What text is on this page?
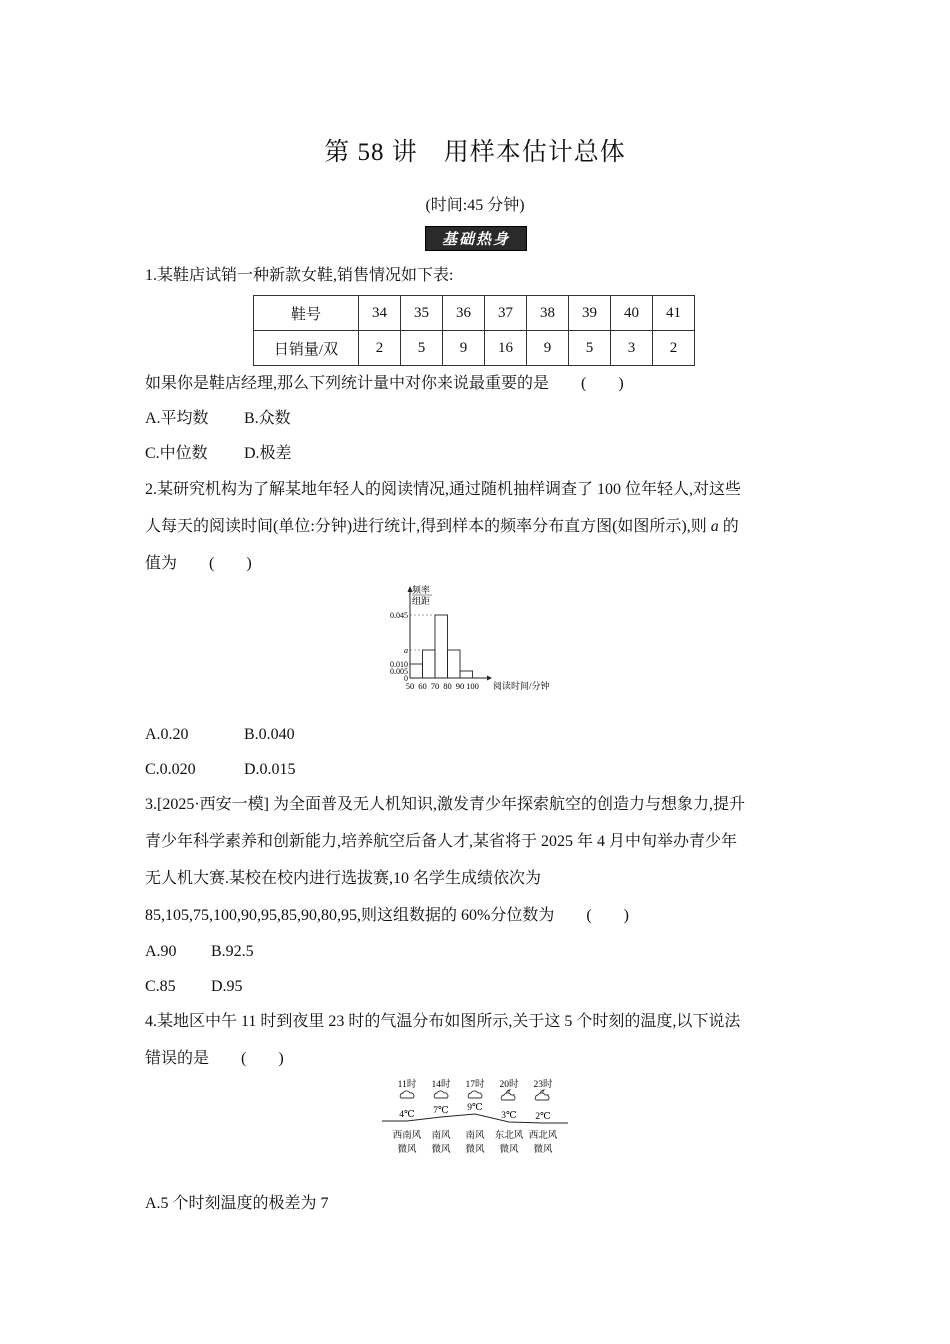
第 58 讲　用样本估计总体
(时间:45 分钟)
基础热身
1.某鞋店试销一种新款女鞋,销售情况如下表:
鞋号	34	35	36	37	38	39	40	41
日销量/双	2	5	9	16	9	5	3	2
如果你是鞋店经理,那么下列统计量中对你来说最重要的是　　(　　)
A.平均数 B.众数
C.中位数 D.极差
2.某研究机构为了解某地年轻人的阅读情况,通过随机抽样调查了 100 位年轻人,对这些
人每天的阅读时间(单位:分钟)进行统计,得到样本的频率分布直方图(如图所示),则 a 的
值为　　(　　)
频率
组距
0.045
a
0.010
0.005
0
50 60 70 80 90 100 阅读时间/分钟
A.0.20	B.0.040
C.0.020	D.0.015
3.[2025·西安一模] 为全面普及无人机知识,激发青少年探索航空的创造力与想象力,提升
青少年科学素养和创新能力,培养航空后备人才,某省将于 2025 年 4 月中旬举办青少年
无人机大赛.某校在校内进行选拔赛,10 名学生成绩依次为
85,105,75,100,90,95,85,90,80,95,则这组数据的 60%分位数为　　(　　)
A.90 B.92.5
C.85 D.95
4.某地区中午 11 时到夜里 23 时的气温分布如图所示,关于这 5 个时刻的温度,以下说法
错误的是　　(　　)
11时
4℃
西南风
微风
14时
7℃
南风
微风
17时
9℃
南风
微风
20时
3℃
东北风
微风
23时
2℃
西北风
微风
A.5 个时刻温度的极差为 7
